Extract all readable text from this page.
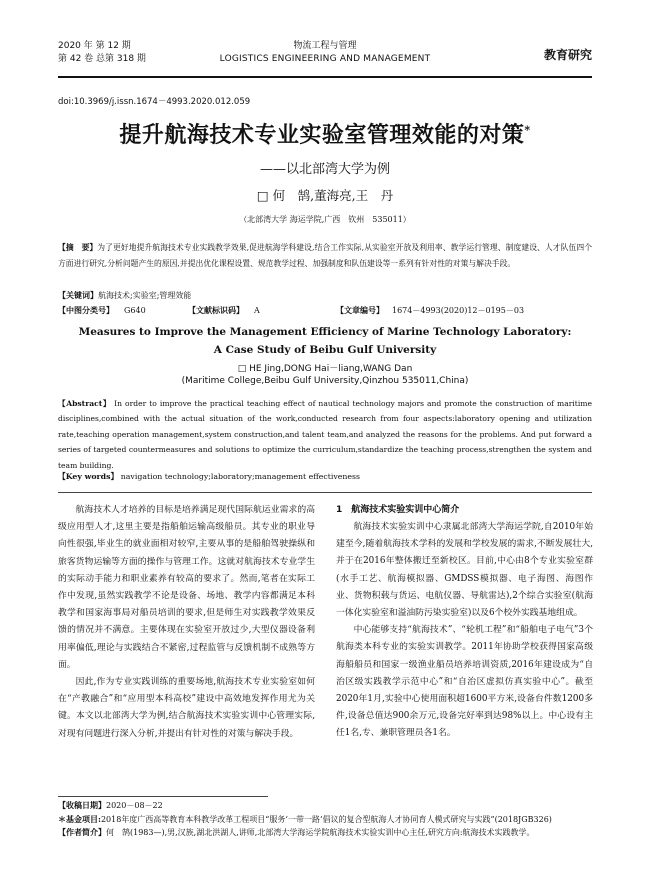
2020 年 第 12 期
第 42 卷 总第 318 期
物流工程与管理
LOGISTICS ENGINEERING AND MANAGEMENT	教育研究
doi:10.3969/j.issn.1674－4993.2020.012.059
提升航海技术专业实验室管理效能的对策*
——以北部湾大学为例
□ 何　鹄,董海亮,王　丹
（北部湾大学 海运学院,广西　钦州　535011）
【摘　要】为了更好地提升航海技术专业实践教学效果,促进航海学科建设,结合工作实际,从实验室开放及利用率、教学运行管理、制度建设、人才队伍四个方面进行研究,分析问题产生的原因,并提出优化课程设置、规范教学过程、加强制度和队伍建设等一系列有针对性的对策与解决手段。
【关键词】航海技术;实验室;管理效能
【中图分类号】 G640	【文献标识码】 A	【文章编号】 1674－4993(2020)12－0195－03
Measures to Improve the Management Efficiency of Marine Technology Laboratory:
A Case Study of Beibu Gulf University
□ HE Jing,DONG Hai－liang,WANG Dan
(Maritime College,Beibu Gulf University,Qinzhou 535011,China)
【Abstract】 In order to improve the practical teaching effect of nautical technology majors and promote the construction of maritime disciplines,combined with the actual situation of the work,conducted research from four aspects:laboratory opening and utilization rate,teaching operation management,system construction,and talent team,and analyzed the reasons for the problems. And put forward a series of targeted countermeasures and solutions to optimize the curriculum,standardize the teaching process,strengthen the system and team building.
【Key words】 navigation technology;laboratory;management effectiveness

航海技术人才培养的目标是培养满足现代国际航运业需求的高级应用型人才,这里主要是指船舶运输高级船员。其专业的职业导向性很强,毕业生的就业面相对较窄,主要从事的是船舶驾驶操纵和旅客货物运输等方面的操作与管理工作。这就对航海技术专业学生的实际动手能力和职业素养有较高的要求了。然而,笔者在实际工作中发现,虽然实践教学不论是设备、场地、教学内容都满足本科教学和国家海事局对船员培训的要求,但是师生对实践教学效果反馈的情况并不满意。主要体现在实验室开放过少,大型仪器设备利用率偏低,理论与实践结合不紧密,过程监管与反馈机制不成熟等方面。

因此,作为专业实践训练的重要场地,航海技术专业实验室如何在“产教融合”和“应用型本科高校”建设中高效地发挥作用尤为关键。本文以北部湾大学为例,结合航海技术实验实训中心管理实际,对现有问题进行深入分析,并提出有针对性的对策与解决手段。

1　航海技术实验实训中心简介

航海技术实验实训中心隶属北部湾大学海运学院,自2010年始建至今,随着航海技术学科的发展和学校发展的需求,不断发展壮大,并于在2016年整体搬迁至新校区。目前,中心由8个专业实验室群(水手工艺、航海模拟器、GMDSS模拟器、电子海图、海图作业、货物积载与货运、电航仪器、导航雷达),2个综合实验室(航海一体化实验室和溢油防污染实验室)以及6个校外实践基地组成。

中心能够支持“航海技术”、“轮机工程”和“船舶电子电气”3个航海类本科专业的实验实训教学。2011年协助学校获得国家高级海船船员和国家一级渔业船员培养培训资质,2016年建设成为“自治区级实践教学示范中心”和“自治区虚拟仿真实验中心”。截至2020年1月,实验中心使用面积超1600平方米,设备台件数1200多件,设备总值达900余万元,设备完好率到达98%以上。中心设有主任1名,专、兼职管理员各1名。

【收稿日期】2020－08－22
＊基金项目:2018年度广西高等教育本科教学改革工程项目“服务‘一带一路’倡议的复合型航海人才协同育人模式研究与实践”(2018JGB326)
【作者简介】何　鹄(1983—),男,汉族,湖北洪湖人,讲师,北部湾大学海运学院航海技术实验实训中心主任,研究方向:航海技术实践教学。
